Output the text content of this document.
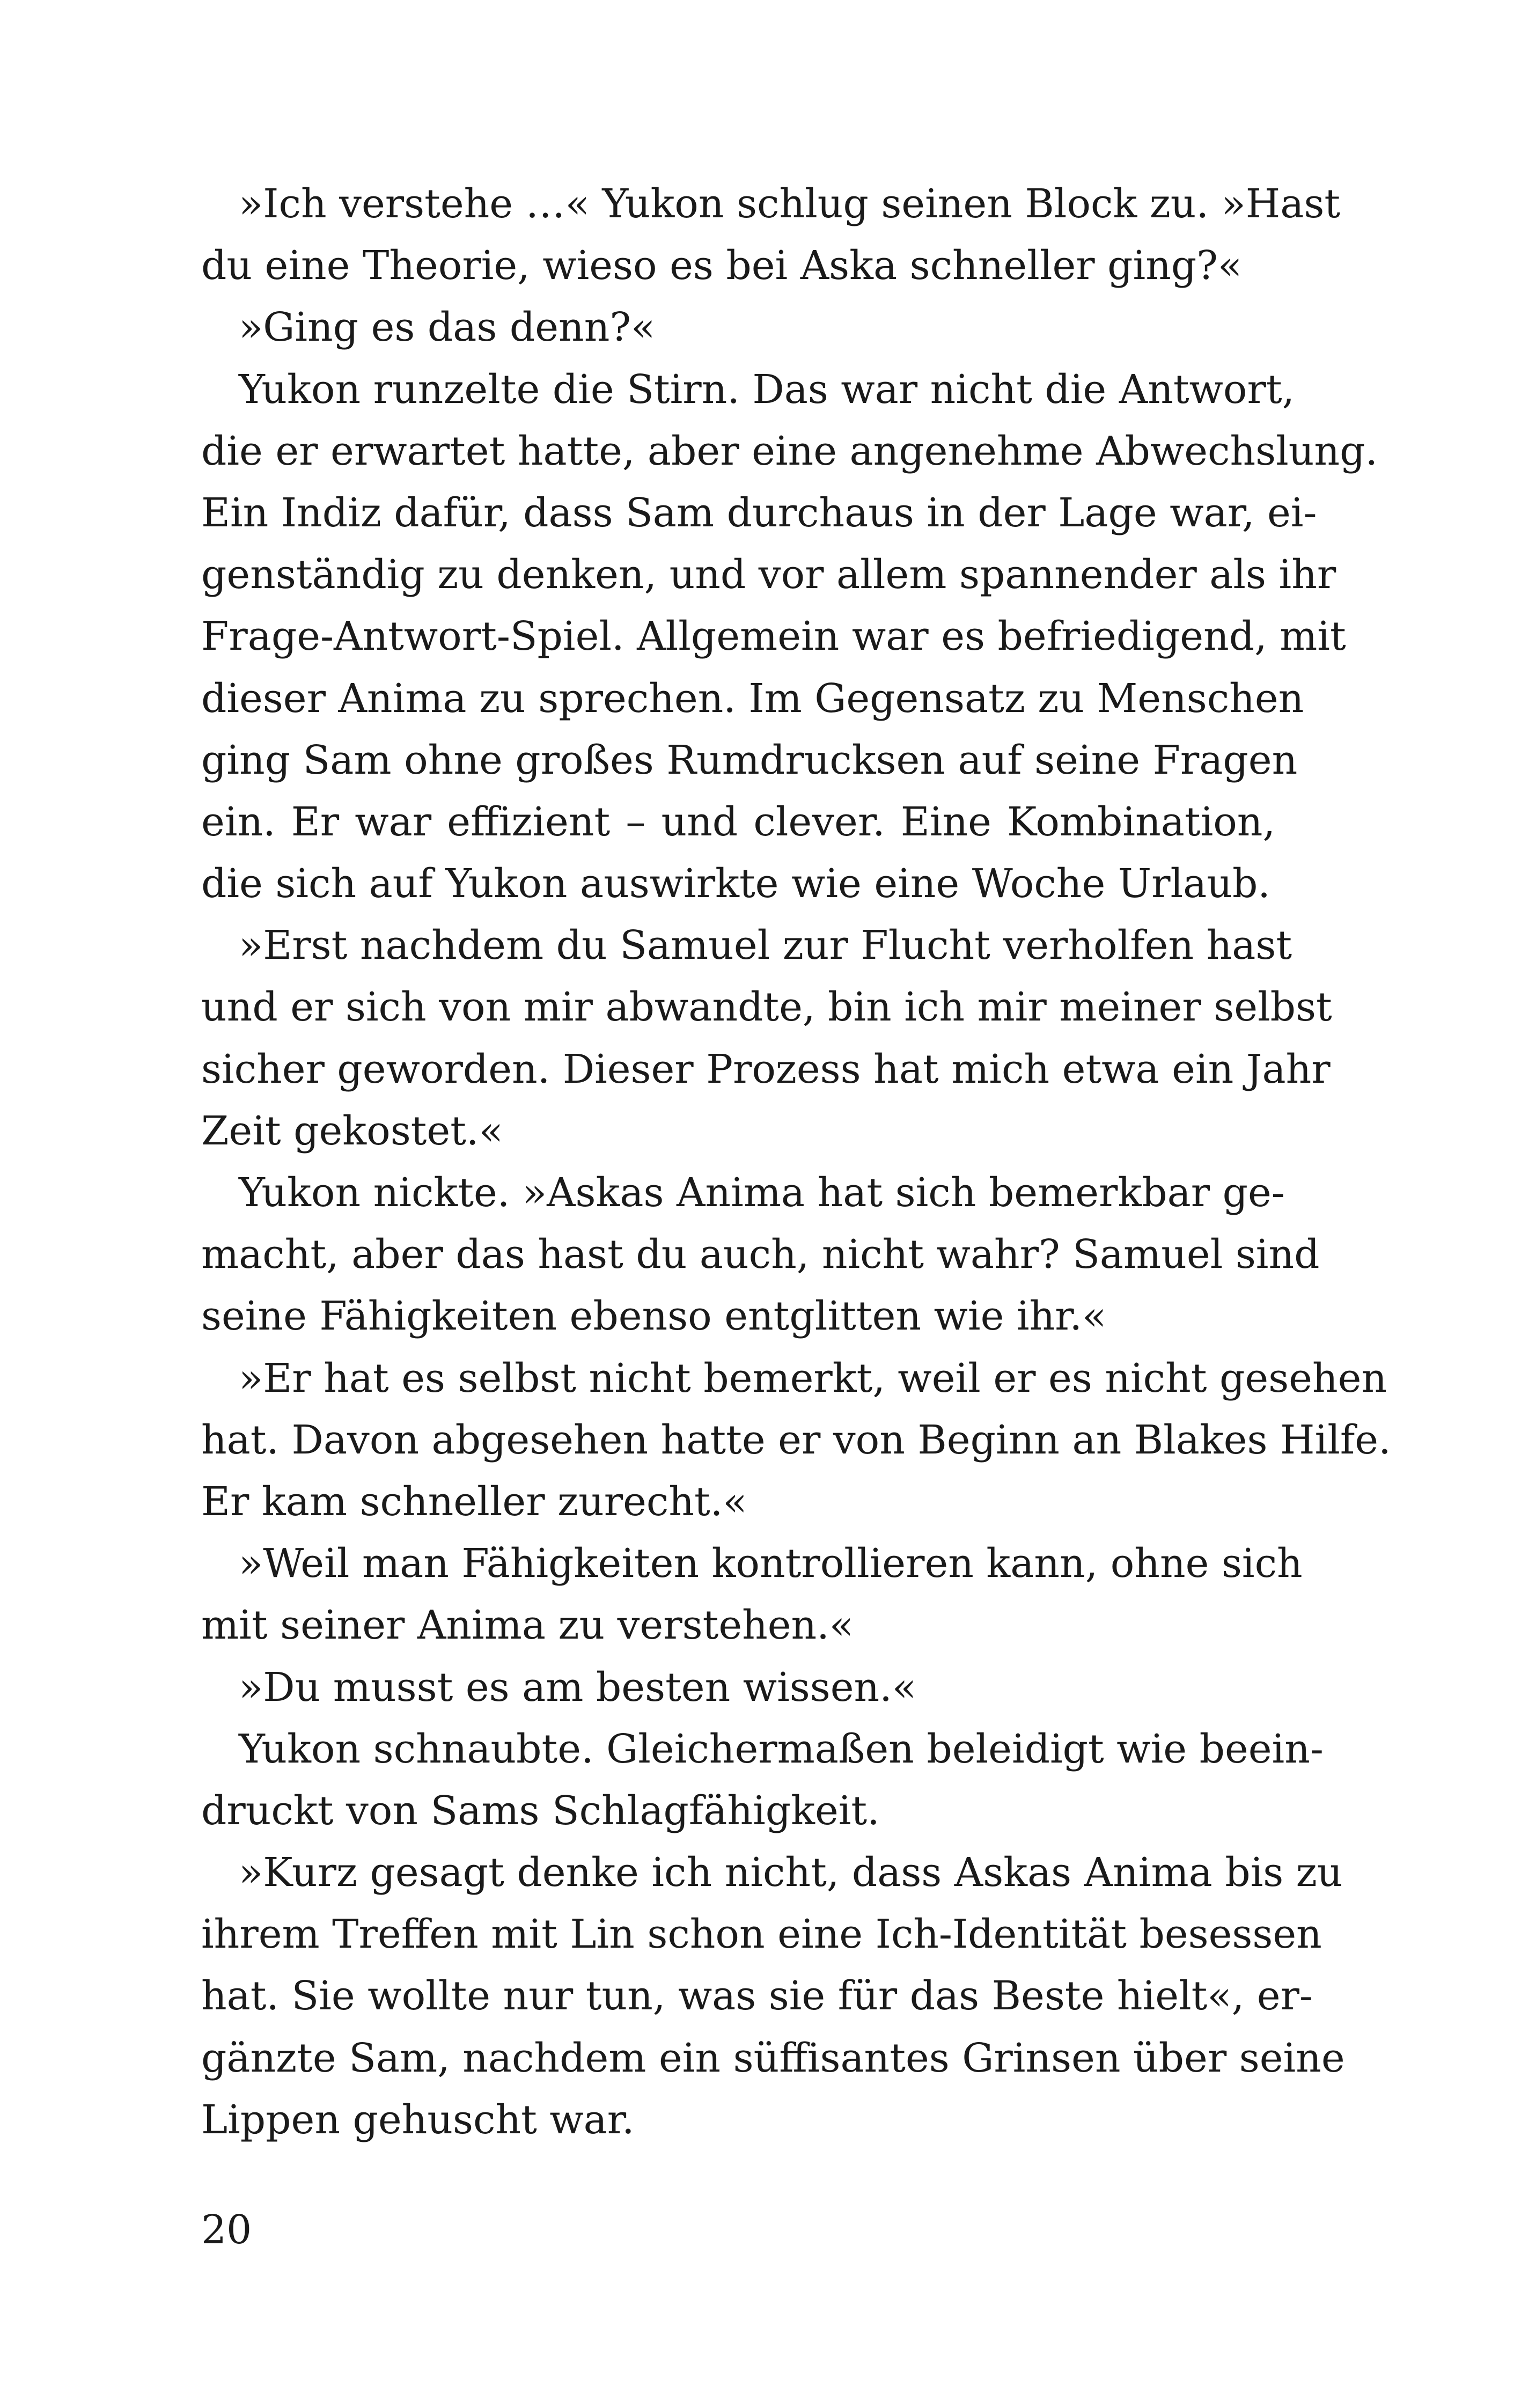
»Ich verstehe …« Yukon schlug seinen Block zu. »Hast
du eine Theorie, wieso es bei Aska schneller ging?«
»Ging es das denn?«
Yukon runzelte die Stirn. Das war nicht die Antwort,
die er erwartet hatte, aber eine angenehme Abwechslung.
Ein Indiz dafür, dass Sam durchaus in der Lage war, ei-
genständig zu denken, und vor allem spannender als ihr
Frage-Antwort-Spiel. Allgemein war es befriedigend, mit
dieser Anima zu sprechen. Im Gegensatz zu Menschen
ging Sam ohne großes Rumdrucksen auf seine Fragen
ein. Er war effizient – und clever. Eine Kombination,
die sich auf Yukon auswirkte wie eine Woche Urlaub.
»Erst nachdem du Samuel zur Flucht verholfen hast
und er sich von mir abwandte, bin ich mir meiner selbst
sicher geworden. Dieser Prozess hat mich etwa ein Jahr
Zeit gekostet.«
Yukon nickte. »Askas Anima hat sich bemerkbar ge-
macht, aber das hast du auch, nicht wahr? Samuel sind
seine Fähigkeiten ebenso entglitten wie ihr.«
»Er hat es selbst nicht bemerkt, weil er es nicht gesehen
hat. Davon abgesehen hatte er von Beginn an Blakes Hilfe.
Er kam schneller zurecht.«
»Weil man Fähigkeiten kontrollieren kann, ohne sich
mit seiner Anima zu verstehen.«
»Du musst es am besten wissen.«
Yukon schnaubte. Gleichermaßen beleidigt wie beein-
druckt von Sams Schlagfähigkeit.
»Kurz gesagt denke ich nicht, dass Askas Anima bis zu
ihrem Treffen mit Lin schon eine Ich-Identität besessen
hat. Sie wollte nur tun, was sie für das Beste hielt«, er-
gänzte Sam, nachdem ein süffisantes Grinsen über seine
Lippen gehuscht war.
20
